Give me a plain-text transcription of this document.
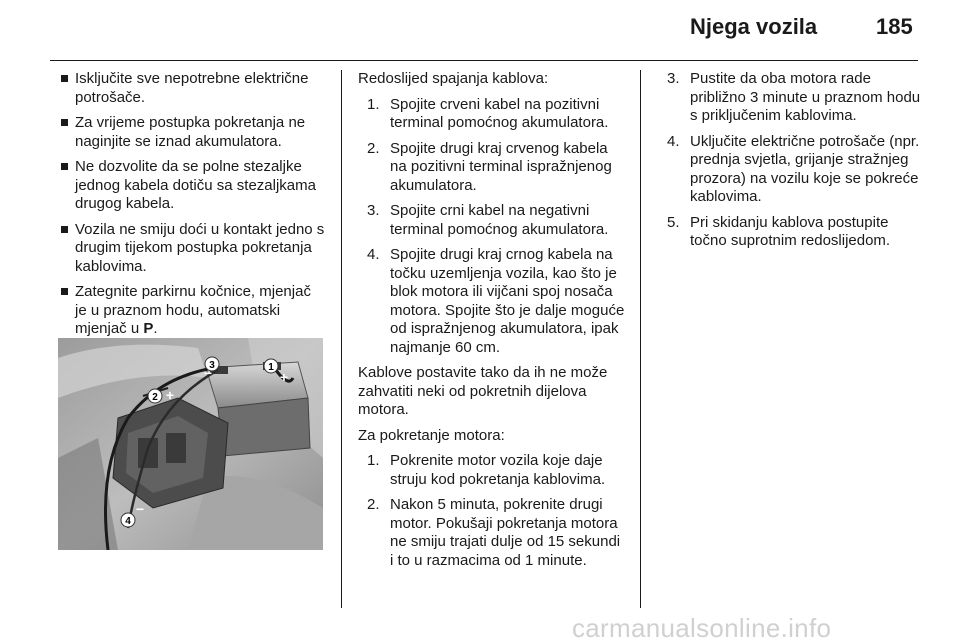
Njega vozila	185
Isključite sve nepotrebne električne potrošače.
Za vrijeme postupka pokretanja ne naginjite se iznad akumulatora.
Ne dozvolite da se polne stezaljke jednog kabela dotiču sa stezaljkama drugog kabela.
Vozila ne smiju doći u kontakt jedno s drugim tijekom postupka pokretanja kablovima.
Zategnite parkirnu kočnice, mjenjač je u praznom hodu, automatski mjenjač u P.
3
−	1
+
2 +
4
−
Redoslijed spajanja kablova:
1. Spojite crveni kabel na pozitivni terminal pomoćnog akumulatora.
2. Spojite drugi kraj crvenog kabela na pozitivni terminal ispražnjenog akumulatora.
3. Spojite crni kabel na negativni terminal pomoćnog akumulatora.
4. Spojite drugi kraj crnog kabela na točku uzemljenja vozila, kao što je blok motora ili vijčani spoj nosača motora. Spojite što je dalje moguće od ispražnjenog akumulatora, ipak najmanje 60 cm.
Kablove postavite tako da ih ne može zahvatiti neki od pokretnih dijelova motora.
Za pokretanje motora:
1. Pokrenite motor vozila koje daje struju kod pokretanja kablovima.
2. Nakon 5 minuta, pokrenite drugi motor. Pokušaji pokretanja motora ne smiju trajati dulje od 15 sekundi i to u razmacima od 1 minute.
3. Pustite da oba motora rade približno 3 minute u praznom hodu s priključenim kablovima.
4. Uključite električne potrošače (npr. prednja svjetla, grijanje stražnjeg prozora) na vozilu koje se pokreće kablovima.
5. Pri skidanju kablova postupite točno suprotnim redoslijedom.
carmanualsonline.info
